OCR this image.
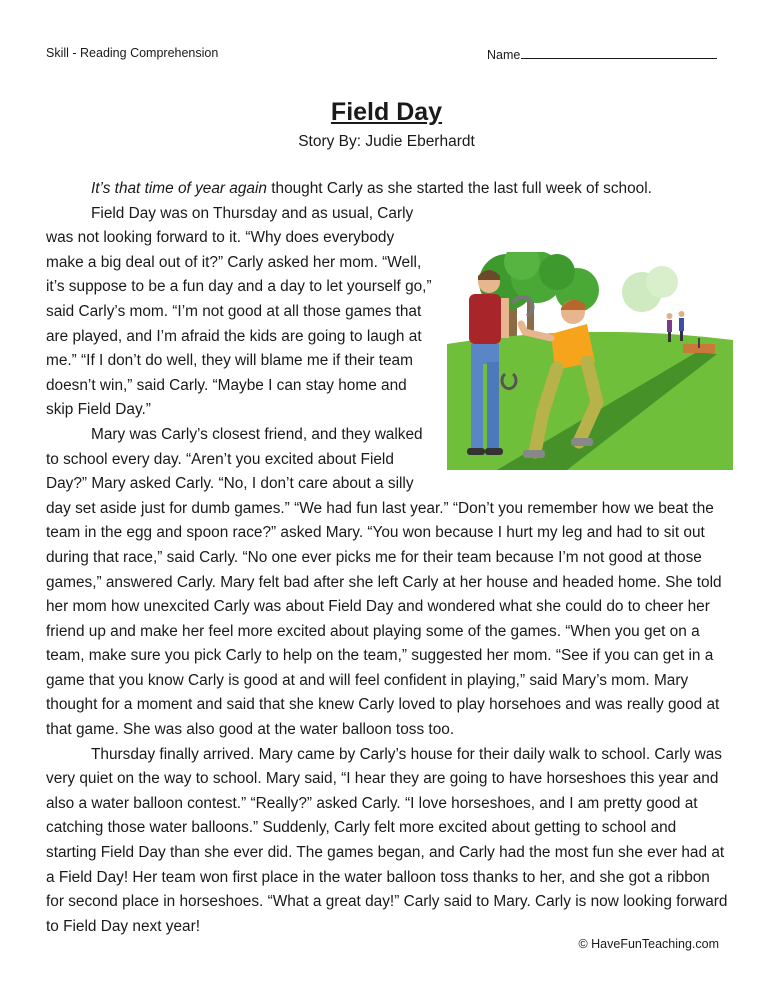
Skill - Reading Comprehension	Name
Field Day
Story By: Judie Eberhardt

It’s that time of year again thought Carly as she started the last full week of school.

Field Day was on Thursday and as usual, Carly was not looking forward to it. “Why does everybody make a big deal out of it?” Carly asked her mom. “Well, it’s suppose to be a fun day and a day to let yourself go,” said Carly’s mom. “I’m not good at all those games that are played, and I’m afraid the kids are going to laugh at me.” “If I don’t do well, they will blame me if their team doesn’t win,” said Carly. “Maybe I can stay home and skip Field Day.”

Mary was Carly’s closest friend, and they walked to school every day. “Aren’t you excited about Field Day?” Mary asked Carly. “No, I don’t care about a silly day set aside just for dumb games.” “We had fun last year.” “Don’t you remember how we beat the team in the egg and spoon race?” asked Mary. “You won because I hurt my leg and had to sit out during that race,” said Carly. “No one ever picks me for their team because I’m not good at those games,” answered Carly. Mary felt bad after she left Carly at her house and headed home. She told her mom how unexcited Carly was about Field Day and wondered what she could do to cheer her friend up and make her feel more excited about playing some of the games. “When you get on a team, make sure you pick Carly to help on the team,” suggested her mom. “See if you can get in a game that you know Carly is good at and will feel confident in playing,” said Mary’s mom. Mary thought for a moment and said that she knew Carly loved to play horsehoes and was really good at that game. She was also good at the water balloon toss too.

Thursday finally arrived. Mary came by Carly’s house for their daily walk to school. Carly was very quiet on the way to school. Mary said, “I hear they are going to have horseshoes this year and also a water balloon contest.” “Really?” asked Carly. “I love horseshoes, and I am pretty good at catching those water balloons.” Suddenly, Carly felt more excited about getting to school and starting Field Day than she ever did. The games began, and Carly had the most fun she ever had at a Field Day! Her team won first place in the water balloon toss thanks to her, and she got a ribbon for second place in horseshoes. “What a great day!” Carly said to Mary. Carly is now looking forward to Field Day next year!

© HaveFunTeaching.com
